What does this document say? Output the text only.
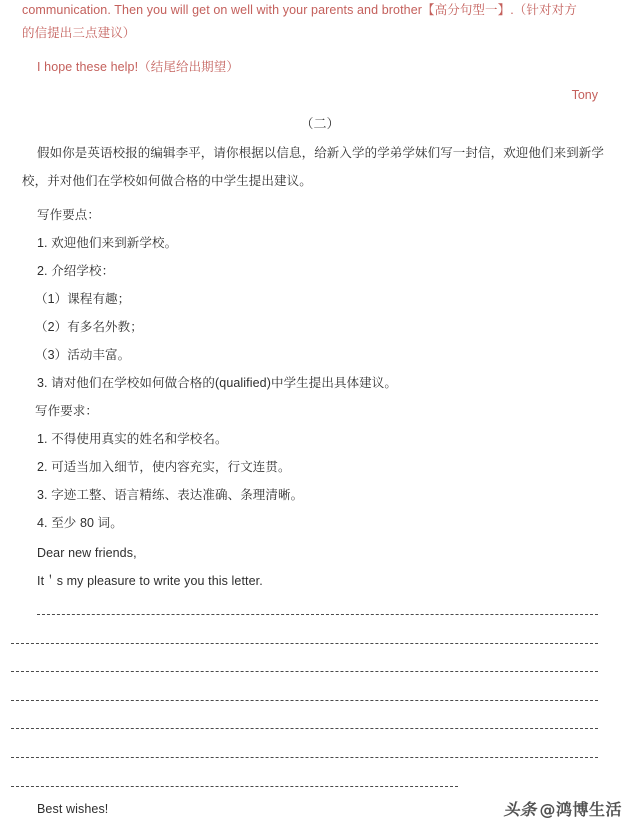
communication. Then you will get on well with your parents and brother【高分句型一】.（针对对方
的信提出三点建议）
I hope these help!（结尾给出期望）
Tony
（二）
假如你是英语校报的编辑李平，请你根据以信息，给新入学的学弟学妹们写一封信，欢迎他们来到新学
校，并对他们在学校如何做合格的中学生提出建议。
写作要点：
1. 欢迎他们来到新学校。
2. 介绍学校：
（1）课程有趣；
（2）有多名外教；
（3）活动丰富。
3. 请对他们在学校如何做合格的(qualified)中学生提出具体建议。
写作要求：
1. 不得使用真实的姓名和学校名。
2. 可适当加入细节，使内容充实，行文连贯。
3. 字迹工整、语言精练、表达准确、条理清晰。
4. 至少 80 词。
Dear new friends,
It＇s my pleasure to write you this letter.
Best wishes!	头条 @鸿博生活
